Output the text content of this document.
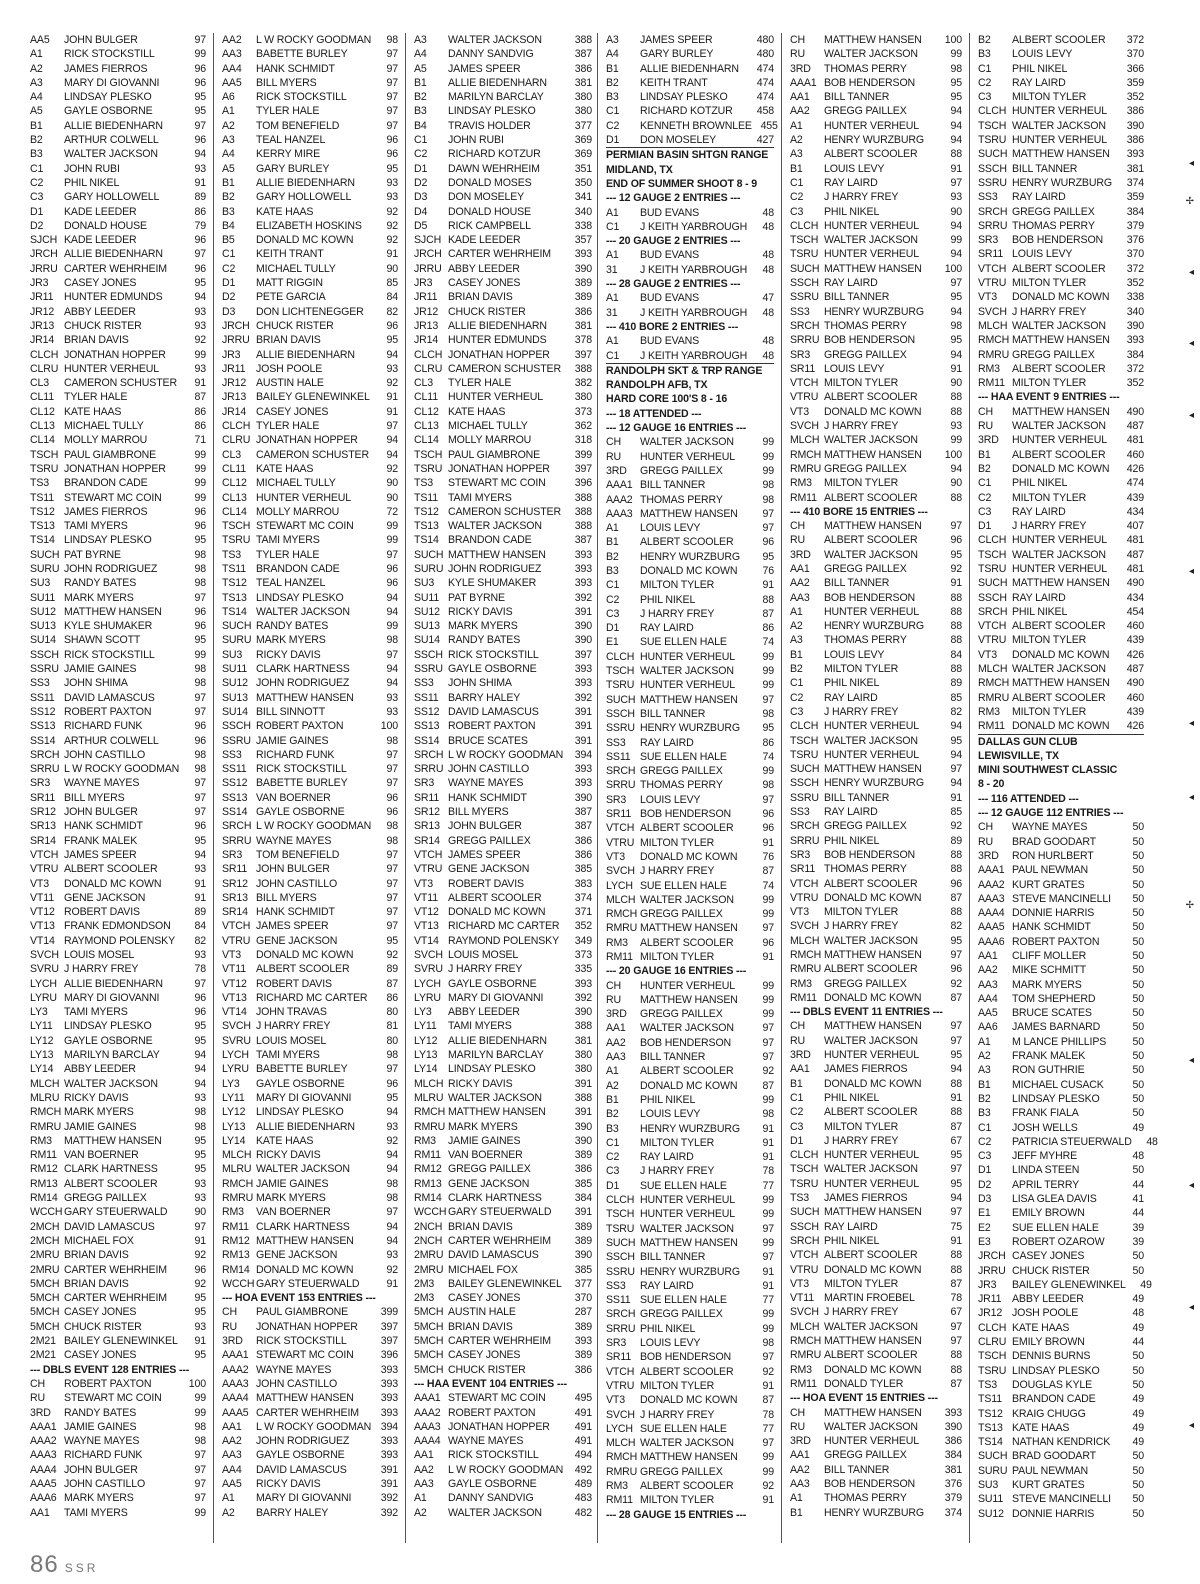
AA5	JOHN BULGER	97
A1	RICK STOCKSTILL	99
A2	JAMES FIERROS	96
A3	MARY DI GIOVANNI	96
A4	LINDSAY PLESKO	95
A5	GAYLE OSBORNE	95
B1	ALLIE BIEDENHARN	97
B2	ARTHUR COLWELL	96
B3	WALTER JACKSON	94
C1	JOHN RUBI	93
C2	PHIL NIKEL	91
C3	GARY HOLLOWELL	89
D1	KADE LEEDER	86
D2	DONALD HOUSE	79
SJCH KADE LEEDER	96
JRCH ALLIE BIEDENHARN	97
JRRU CARTER WEHRHEIM	96
JR3	CASEY JONES	95
JR11	HUNTER EDMUNDS	94
JR12 ABBY LEEDER	93
JR13 CHUCK RISTER	93
JR14 BRIAN DAVIS	92
CLCH JONATHAN HOPPER	99
CLRU HUNTER VERHEUL	93
CL3	CAMERON SCHUSTER	91
CL11 TYLER HALE	87
CL12 KATE HAAS	86
CL13 MICHAEL TULLY	86
CL14 MOLLY MARROU	71
TSCH PAUL GIAMBRONE	99
TSRU JONATHAN HOPPER	99
TS3	BRANDON CADE	99
TS11 STEWART MC COIN	99
TS12 JAMES FIERROS	96
TS13 TAMI MYERS	96
TS14 LINDSAY PLESKO	95
SUCH PAT BYRNE	98
SURU JOHN RODRIGUEZ	98
SU3	RANDY BATES	98
SU11 MARK MYERS	97
SU12 MATTHEW HANSEN	96
SU13 KYLE SHUMAKER	96
SU14 SHAWN SCOTT	95
SSCH RICK STOCKSTILL	99
SSRU JAMIE GAINES	98
SS3	JOHN SHIMA	98
SS11 DAVID LAMASCUS	97
SS12 ROBERT PAXTON	97
SS13 RICHARD FUNK	96
SS14 ARTHUR COLWELL	96
SRCH JOHN CASTILLO	98
SRRU L W ROCKY GOODMAN	98
SR3	WAYNE MAYES	97
SR11 BILL MYERS	97
SR12 JOHN BULGER	97
SR13 HANK SCHMIDT	96
SR14 FRANK MALEK	95
VTCH JAMES SPEER	94
VTRU ALBERT SCOOLER	93
VT3	DONALD MC KOWN	91
VT11 GENE JACKSON	91
VT12 ROBERT DAVIS	89
VT13 FRANK EDMONDSON	84
VT14 RAYMOND POLENSKY	82
SVCH LOUIS MOSEL	93
SVRU J HARRY FREY	78
LYCH ALLIE BIEDENHARN	97
LYRU MARY DI GIOVANNI	96
LY3	TAMI MYERS	96
LY11	LINDSAY PLESKO	95
LY12	GAYLE OSBORNE	95
LY13	MARILYN BARCLAY	94
LY14	ABBY LEEDER	94
MLCH WALTER JACKSON	94
MLRU RICKY DAVIS	93
RMCH MARK MYERS	98
RMRU JAMIE GAINES	98
RM3	MATTHEW HANSEN	95
RM11 VAN BOERNER	95
RM12 CLARK HARTNESS	95
RM13 ALBERT SCOOLER	93
RM14 GREGG PAILLEX	93
WCCH GARY STEUERWALD	90
2MCH DAVID LAMASCUS	97
2MCH MICHAEL FOX	91
2MRU BRIAN DAVIS	92
2MRU CARTER WEHRHEIM	96
5MCH BRIAN DAVIS	92
5MCH CARTER WEHRHEIM	95
5MCH CASEY JONES	95
5MCH CHUCK RISTER	93
2M21 BAILEY GLENEWINKEL	91
2M21 CASEY JONES	95
--- DBLS EVENT 128 ENTRIES ---
CH	ROBERT PAXTON	100
RU	STEWART MC COIN	99
3RD	RANDY BATES	99
AAA1 JAMIE GAINES	98
AAA2 WAYNE MAYES	98
AAA3 RICHARD FUNK	97
AAA4 JOHN BULGER	97
AAA5 JOHN CASTILLO	97
AAA6 MARK MYERS	97
AA1	TAMI MYERS	99
AA2	L W ROCKY GOODMAN	98
AA3	BABETTE BURLEY	97
AA4	HANK SCHMIDT	97
AA5	BILL MYERS	97
A6	RICK STOCKSTILL	97
A1	TYLER HALE	97
A2	TOM BENEFIELD	97
A3	TEAL HANZEL	96
A4	KERRY MIRE	96
A5	GARY BURLEY	95
B1	ALLIE BIEDENHARN	93
B2	GARY HOLLOWELL	93
B3	KATE HAAS	92
B4	ELIZABETH HOSKINS	92
B5	DONALD MC KOWN	92
C1	KEITH TRANT	91
C2	MICHAEL TULLY	90
D1	MATT RIGGIN	85
D2	PETE GARCIA	84
D3	DON LICHTENEGGER	82
JRCH CHUCK RISTER	96
JRRU BRIAN DAVIS	95
JR3	ALLIE BIEDENHARN	94
JR11	JOSH POOLE	93
JR12 AUSTIN HALE	92
JR13 BAILEY GLENEWINKEL	91
JR14 CASEY JONES	91
CLCH TYLER HALE	97
CLRU JONATHAN HOPPER	94
CL3	CAMERON SCHUSTER	94
CL11 KATE HAAS	92
CL12 MICHAEL TULLY	90
CL13 HUNTER VERHEUL	90
CL14 MOLLY MARROU	72
TSCH STEWART MC COIN	99
TSRU TAMI MYERS	99
TS3	TYLER HALE	97
TS11 BRANDON CADE	96
TS12 TEAL HANZEL	96
TS13 LINDSAY PLESKO	94
TS14 WALTER JACKSON	94
SUCH RANDY BATES	99
SURU MARK MYERS	98
SU3	RICKY DAVIS	97
SU11 CLARK HARTNESS	94
SU12 JOHN RODRIGUEZ	94
SU13 MATTHEW HANSEN	93
SU14 BILL SINNOTT	93
SSCH ROBERT PAXTON	100
SSRU JAMIE GAINES	98
SS3	RICHARD FUNK	97
SS11 RICK STOCKSTILL	97
SS12 BABETTE BURLEY	97
SS13 VAN BOERNER	96
SS14 GAYLE OSBORNE	96
SRCH L W ROCKY GOODMAN	98
SRRU WAYNE MAYES	98
SR3	TOM BENEFIELD	97
SR11 JOHN BULGER	97
SR12 JOHN CASTILLO	97
SR13 BILL MYERS	97
SR14 HANK SCHMIDT	97
VTCH JAMES SPEER	97
VTRU GENE JACKSON	95
VT3	DONALD MC KOWN	92
VT11 ALBERT SCOOLER	89
VT12 ROBERT DAVIS	87
VT13 RICHARD MC CARTER	86
VT14 JOHN TRAVAS	80
SVCH J HARRY FREY	81
SVRU LOUIS MOSEL	80
LYCH TAMI MYERS	98
LYRU BABETTE BURLEY	97
LY3	GAYLE OSBORNE	96
LY11	MARY DI GIOVANNI	95
LY12	LINDSAY PLESKO	94
LY13	ALLIE BIEDENHARN	93
LY14	KATE HAAS	92
MLCH RICKY DAVIS	94
MLRU WALTER JACKSON	94
RMCH JAMIE GAINES	98
RMRU MARK MYERS	98
RM3	VAN BOERNER	97
RM11 CLARK HARTNESS	94
RM12 MATTHEW HANSEN	94
RM13 GENE JACKSON	93
RM14 DONALD MC KOWN	92
WCCH GARY STEUERWALD	91
--- HOA EVENT 153 ENTRIES ---
CH	PAUL GIAMBRONE	399
RU	JONATHAN HOPPER	397
3RD	RICK STOCKSTILL	397
AAA1 STEWART MC COIN	396
AAA2 WAYNE MAYES	393
AAA3 JOHN CASTILLO	393
AAA4 MATTHEW HANSEN	393
AAA5 CARTER WEHRHEIM	393
AA1	L W ROCKY GOODMAN 394
AA2	JOHN RODRIGUEZ	393
AA3	GAYLE OSBORNE	393
AA4	DAVID LAMASCUS	391
AA5	RICKY DAVIS	391
A1	MARY DI GIOVANNI	392
A2	BARRY HALEY	392
A3	WALTER JACKSON	388
A4	DANNY SANDVIG	387
A5	JAMES SPEER	386
B1	ALLIE BIEDENHARN	381
B2	MARILYN BARCLAY	380
B3	LINDSAY PLESKO	380
B4	TRAVIS HOLDER	377
C1	JOHN RUBI	369
C2	RICHARD KOTZUR	369
D1	DAWN WEHRHEIM	351
D2	DONALD MOSES	350
D3	DON MOSELEY	341
D4	DONALD HOUSE	340
D5	RICK CAMPBELL	338
SJCH KADE LEEDER	357
JRCH CARTER WEHRHEIM	393
JRRU ABBY LEEDER	390
JR3	CASEY JONES	389
JR11	BRIAN DAVIS	389
JR12 CHUCK RISTER	386
JR13 ALLIE BIEDENHARN	381
JR14 HUNTER EDMUNDS	378
CLCH JONATHAN HOPPER	397
CLRU CAMERON SCHUSTER	388
CL3	TYLER HALE	382
CL11 HUNTER VERHEUL	380
CL12 KATE HAAS	373
CL13 MICHAEL TULLY	362
CL14 MOLLY MARROU	318
TSCH PAUL GIAMBRONE	399
TSRU JONATHAN HOPPER	397
TS3	STEWART MC COIN	396
TS11 TAMI MYERS	388
TS12 CAMERON SCHUSTER	388
TS13 WALTER JACKSON	388
TS14 BRANDON CADE	387
SUCH MATTHEW HANSEN	393
SURU JOHN RODRIGUEZ	393
SU3	KYLE SHUMAKER	393
SU11 PAT BYRNE	392
SU12 RICKY DAVIS	391
SU13 MARK MYERS	390
SU14 RANDY BATES	390
SSCH RICK STOCKSTILL	397
SSRU GAYLE OSBORNE	393
SS3	JOHN SHIMA	393
SS11 BARRY HALEY	392
SS12 DAVID LAMASCUS	391
SS13 ROBERT PAXTON	391
SS14 BRUCE SCATES	391
SRCH L W ROCKY GOODMAN	394
SRRU JOHN CASTILLO	393
SR3	WAYNE MAYES	393
SR11 HANK SCHMIDT	390
SR12 BILL MYERS	387
SR13 JOHN BULGER	387
SR14 GREGG PAILLEX	386
VTCH JAMES SPEER	386
VTRU GENE JACKSON	385
VT3	ROBERT DAVIS	383
VT11 ALBERT SCOOLER	374
VT12 DONALD MC KOWN	371
VT13 RICHARD MC CARTER	352
VT14 RAYMOND POLENSKY	349
SVCH LOUIS MOSEL	373
SVRU J HARRY FREY	335
LYCH GAYLE OSBORNE	393
LYRU MARY DI GIOVANNI	392
LY3	ABBY LEEDER	390
LY11	TAMI MYERS	388
LY12	ALLIE BIEDENHARN	381
LY13	MARILYN BARCLAY	380
LY14	LINDSAY PLESKO	380
MLCH RICKY DAVIS	391
MLRU WALTER JACKSON	388
RMCH MATTHEW HANSEN	391
RMRU MARK MYERS	390
RM3	JAMIE GAINES	390
RM11 VAN BOERNER	389
RM12 GREGG PAILLEX	386
RM13 GENE JACKSON	385
RM14 CLARK HARTNESS	384
WCCH GARY STEUERWALD	391
2NCH BRIAN DAVIS	389
2NCH CARTER WEHRHEIM	389
2MRU DAVID LAMASCUS	390
2MRU MICHAEL FOX	385
2M3	BAILEY GLENEWINKEL	377
2M3	CASEY JONES	370
5MCH AUSTIN HALE	287
5MCH BRIAN DAVIS	389
5MCH CARTER WEHRHEIM	393
5MCH CASEY JONES	389
5MCH CHUCK RISTER	386
--- HAA EVENT 104 ENTRIES ---
AAA1 STEWART MC COIN	495
AAA2 ROBERT PAXTON	491
AAA3 JONATHAN HOPPER	491
AAA4 WAYNE MAYES	491
AA1	RICK STOCKSTILL	494
AA2	L W ROCKY GOODMAN	492
AA3	GAYLE OSBORNE	489
A1	DANNY SANDVIG	483
A2	WALTER JACKSON	482
A3	JAMES SPEER	480
A4	GARY BURLEY	480
B1	ALLIE BIEDENHARN	474
B2	KEITH TRANT	474
B3	LINDSAY PLESKO	474
C1	RICHARD KOTZUR	458
C2	KENNETH BROWNLEE 455
D1	DON MOSELEY	427
PERMIAN BASIN SHTGN RANGE
MIDLAND, TX
END OF SUMMER SHOOT 8 - 9
--- 12 GAUGE 2 ENTRIES ---
A1	BUD EVANS	48
C1	J KEITH YARBROUGH	48
--- 20 GAUGE 2 ENTRIES ---
A1	BUD EVANS	48
31	J KEITH YARBROUGH	48
--- 28 GAUGE 2 ENTRIES ---
A1	BUD EVANS	47
31	J KEITH YARBROUGH	48
--- 410 BORE 2 ENTRIES ---
A1	BUD EVANS	48
C1	J KEITH YARBROUGH	48
RANDOLPH SKT & TRP RANGE
RANDOLPH AFB, TX
HARD CORE 100'S 8 - 16
--- 18 ATTENDED ---
--- 12 GAUGE 16 ENTRIES ---
CH	WALTER JACKSON	99
RU	HUNTER VERHEUL	99
3RD	GREGG PAILLEX	99
AAA1 BILL TANNER	98
AAA2 THOMAS PERRY	98
AAA3 MATTHEW HANSEN	97
A1	LOUIS LEVY	97
B1	ALBERT SCOOLER	96
B2	HENRY WURZBURG	95
B3	DONALD MC KOWN	76
C1	MILTON TYLER	91
C2	PHIL NIKEL	88
C3	J HARRY FREY	87
D1	RAY LAIRD	86
E1	SUE ELLEN HALE	74
CLCH HUNTER VERHEUL	99
TSCH WALTER JACKSON	99
TSRU HUNTER VERHEUL	99
SUCH MATTHEW HANSEN	97
SSCH BILL TANNER	98
SSRU HENRY WURZBURG	95
SS3	RAY LAIRD	86
SS11 SUE ELLEN HALE	74
SRCH GREGG PAILLEX	99
SRRU THOMAS PERRY	98
SR3	LOUIS LEVY	97
SR11 BOB HENDERSON	96
VTCH ALBERT SCOOLER	96
VTRU MILTON TYLER	91
VT3	DONALD MC KOWN	76
SVCH J HARRY FREY	87
LYCH SUE ELLEN HALE	74
MLCH WALTER JACKSON	99
RMCH GREGG PAILLEX	99
RMRU MATTHEW HANSEN	97
RM3	ALBERT SCOOLER	96
RM11 MILTON TYLER	91
--- 20 GAUGE 16 ENTRIES ---
CH	HUNTER VERHEUL	99
RU	MATTHEW HANSEN	99
3RD	GREGG PAILLEX	99
AA1	WALTER JACKSON	97
AA2	BOB HENDERSON	97
AA3	BILL TANNER	97
A1	ALBERT SCOOLER	92
A2	DONALD MC KOWN	87
B1	PHIL NIKEL	99
B2	LOUIS LEVY	98
B3	HENRY WURZBURG	91
C1	MILTON TYLER	91
C2	RAY LAIRD	91
C3	J HARRY FREY	78
D1	SUE ELLEN HALE	77
CLCH HUNTER VERHEUL	99
TSCH HUNTER VERHEUL	99
TSRU WALTER JACKSON	97
SUCH MATTHEW HANSEN	99
SSCH BILL TANNER	97
SSRU HENRY WURZBURG	91
SS3	RAY LAIRD	91
SS11 SUE ELLEN HALE	77
SRCH GREGG PAILLEX	99
SRRU PHIL NIKEL	99
SR3	LOUIS LEVY	98
SR11 BOB HENDERSON	97
VTCH ALBERT SCOOLER	92
VTRU MILTON TYLER	91
VT3	DONALD MC KOWN	87
SVCH J HARRY FREY	78
LYCH SUE ELLEN HALE	77
MLCH WALTER JACKSON	97
RMCH MATTHEW HANSEN	99
RMRU GREGG PAILLEX	99
RM3	ALBERT SCOOLER	92
RM11 MILTON TYLER	91
--- 28 GAUGE 15 ENTRIES ---
CH	MATTHEW HANSEN	100
RU	WALTER JACKSON	99
3RD	THOMAS PERRY	98
AAA1 BOB HENDERSON	95
AA1	BILL TANNER	95
AA2	GREGG PAILLEX	94
A1	HUNTER VERHEUL	94
A2	HENRY WURZBURG	94
A3	ALBERT SCOOLER	88
B1	LOUIS LEVY	91
C1	RAY LAIRD	97
C2	J HARRY FREY	93
C3	PHIL NIKEL	90
CLCH HUNTER VERHEUL	94
TSCH WALTER JACKSON	99
TSRU HUNTER VERHEUL	94
SUCH MATTHEW HANSEN	100
SSCH RAY LAIRD	97
SSRU BILL TANNER	95
SS3	HENRY WURZBURG	94
SRCH THOMAS PERRY	98
SRRU BOB HENDERSON	95
SR3	GREGG PAILLEX	94
SR11 LOUIS LEVY	91
VTCH MILTON TYLER	90
VTRU ALBERT SCOOLER	88
VT3	DONALD MC KOWN	88
SVCH J HARRY FREY	93
MLCH WALTER JACKSON	99
RMCH MATTHEW HANSEN	100
RMRU GREGG PAILLEX	94
RM3	MILTON TYLER	90
RM11 ALBERT SCOOLER	88
--- 410 BORE 15 ENTRIES ---
CH	MATTHEW HANSEN	97
RU	ALBERT SCOOLER	96
3RD	WALTER JACKSON	95
AA1	GREGG PAILLEX	92
AA2	BILL TANNER	91
AA3	BOB HENDERSON	88
A1	HUNTER VERHEUL	88
A2	HENRY WURZBURG	88
A3	THOMAS PERRY	88
B1	LOUIS LEVY	84
B2	MILTON TYLER	88
C1	PHIL NIKEL	89
C2	RAY LAIRD	85
C3	J HARRY FREY	82
CLCH HUNTER VERHEUL	94
TSCH WALTER JACKSON	95
TSRU HUNTER VERHEUL	94
SUCH MATTHEW HANSEN	97
SSCH HENRY WURZBURG	94
SSRU BILL TANNER	91
SS3	RAY LAIRD	85
SRCH GREGG PAILLEX	92
SRRU PHIL NIKEL	89
SR3	BOB HENDERSON	88
SR11 THOMAS PERRY	88
VTCH ALBERT SCOOLER	96
VTRU DONALD MC KOWN	87
VT3	MILTON TYLER	88
SVCH J HARRY FREY	82
MLCH WALTER JACKSON	95
RMCH MATTHEW HANSEN	97
RMRU ALBERT SCOOLER	96
RM3	GREGG PAILLEX	92
RM11 DONALD MC KOWN	87
--- DBLS EVENT 11 ENTRIES ---
CH	MATTHEW HANSEN	97
RU	WALTER JACKSON	97
3RD	HUNTER VERHEUL	95
AA1	JAMES FIERROS	94
B1	DONALD MC KOWN	88
C1	PHIL NIKEL	91
C2	ALBERT SCOOLER	88
C3	MILTON TYLER	87
D1	J HARRY FREY	67
CLCH HUNTER VERHEUL	95
TSCH WALTER JACKSON	97
TSRU HUNTER VERHEUL	95
TS3	JAMES FIERROS	94
SUCH MATTHEW HANSEN	97
SSCH RAY LAIRD	75
SRCH PHIL NIKEL	91
VTCH ALBERT SCOOLER	88
VTRU DONALD MC KOWN	88
VT3	MILTON TYLER	87
VT11 MARTIN FROEBEL	78
SVCH J HARRY FREY	67
MLCH WALTER JACKSON	97
RMCH MATTHEW HANSEN	97
RMRU ALBERT SCOOLER	88
RM3	DONALD MC KOWN	88
RM11 DONALD TYLER	87
--- HOA EVENT 15 ENTRIES ---
CH	MATTHEW HANSEN	393
RU	WALTER JACKSON	390
3RD	HUNTER VERHEUL	386
AA1	GREGG PAILLEX	384
AA2	BILL TANNER	381
AA3	BOB HENDERSON	376
A1	THOMAS PERRY	379
B1	HENRY WURZBURG	374
B2	ALBERT SCOOLER	372
B3	LOUIS LEVY	370
C1	PHIL NIKEL	366
C2	RAY LAIRD	359
C3	MILTON TYLER	352
CLCH HUNTER VERHEUL	386
TSCH WALTER JACKSON	390
TSRU HUNTER VERHEUL	386
SUCH MATTHEW HANSEN	393
SSCH BILL TANNER	381
SSRU HENRY WURZBURG	374
SS3	RAY LAIRD	359
SRCH GREGG PAILLEX	384
SRRU THOMAS PERRY	379
SR3	BOB HENDERSON	376
SR11 LOUIS LEVY	370
VTCH ALBERT SCOOLER	372
VTRU MILTON TYLER	352
VT3	DONALD MC KOWN	338
SVCH J HARRY FREY	340
MLCH WALTER JACKSON	390
RMCH MATTHEW HANSEN	393
RMRU GREGG PAILLEX	384
RM3	ALBERT SCOOLER	372
RM11 MILTON TYLER	352
--- HAA EVENT 9 ENTRIES ---
CH	MATTHEW HANSEN	490
RU	WALTER JACKSON	487
3RD	HUNTER VERHEUL	481
B1	ALBERT SCOOLER	460
B2	DONALD MC KOWN	426
C1	PHIL NIKEL	474
C2	MILTON TYLER	439
C3	RAY LAIRD	434
D1	J HARRY FREY	407
CLCH HUNTER VERHEUL	481
TSCH WALTER JACKSON	487
TSRU HUNTER VERHEUL	481
SUCH MATTHEW HANSEN	490
SSCH RAY LAIRD	434
SRCH PHIL NIKEL	454
VTCH ALBERT SCOOLER	460
VTRU MILTON TYLER	439
VT3	DONALD MC KOWN	426
MLCH WALTER JACKSON	487
RMCH MATTHEW HANSEN	490
RMRU ALBERT SCOOLER	460
RM3	MILTON TYLER	439
RM11 DONALD MC KOWN	426
DALLAS GUN CLUB
LEWISVILLE, TX
MINI SOUTHWEST CLASSIC
8 - 20
--- 116 ATTENDED ---
--- 12 GAUGE 112 ENTRIES ---
CH	WAYNE MAYES	50
RU	BRAD GOODART	50
3RD	RON HURLBERT	50
AAA1 PAUL NEWMAN	50
AAA2 KURT GRATES	50
AAA3 STEVE MANCINELLI	50
AAA4 DONNIE HARRIS	50
AAA5 HANK SCHMIDT	50
AAA6 ROBERT PAXTON	50
AA1	CLIFF MOLLER	50
AA2	MIKE SCHMITT	50
AA3	MARK MYERS	50
AA4	TOM SHEPHERD	50
AA5	BRUCE SCATES	50
AA6	JAMES BARNARD	50
A1	M LANCE PHILLIPS	50
A2	FRANK MALEK	50
A3	RON GUTHRIE	50
B1	MICHAEL CUSACK	50
B2	LINDSAY PLESKO	50
B3	FRANK FIALA	50
C1	JOSH WELLS	49
C2	PATRICIA STEUERWALD	48
C3	JEFF MYHRE	48
D1	LINDA STEEN	50
D2	APRIL TERRY	44
D3	LISA GLEA DAVIS	41
E1	EMILY BROWN	44
E2	SUE ELLEN HALE	39
E3	ROBERT OZAROW	39
JRCH CASEY JONES	50
JRRU CHUCK RISTER	50
JR3	BAILEY GLENEWINKEL	49
JR11	ABBY LEEDER	49
JR12 JOSH POOLE	48
CLCH KATE HAAS	49
CLRU EMILY BROWN	44
TSCH DENNIS BURNS	50
TSRU LINDSAY PLESKO	50
TS3	DOUGLAS KYLE	50
TS11 BRANDON CADE	49
TS12 KRAIG CHUGG	49
TS13 KATE HAAS	49
TS14 NATHAN KENDRICK	49
SUCH BRAD GOODART	50
SURU PAUL NEWMAN	50
SU3	KURT GRATES	50
SU11 STEVE MANCINELLI	50
SU12 DONNIE HARRIS	50
86 SSR
◂
✢
◂
◂
◂
◂
◂
◂
✢
◂
◂
◂
◂
